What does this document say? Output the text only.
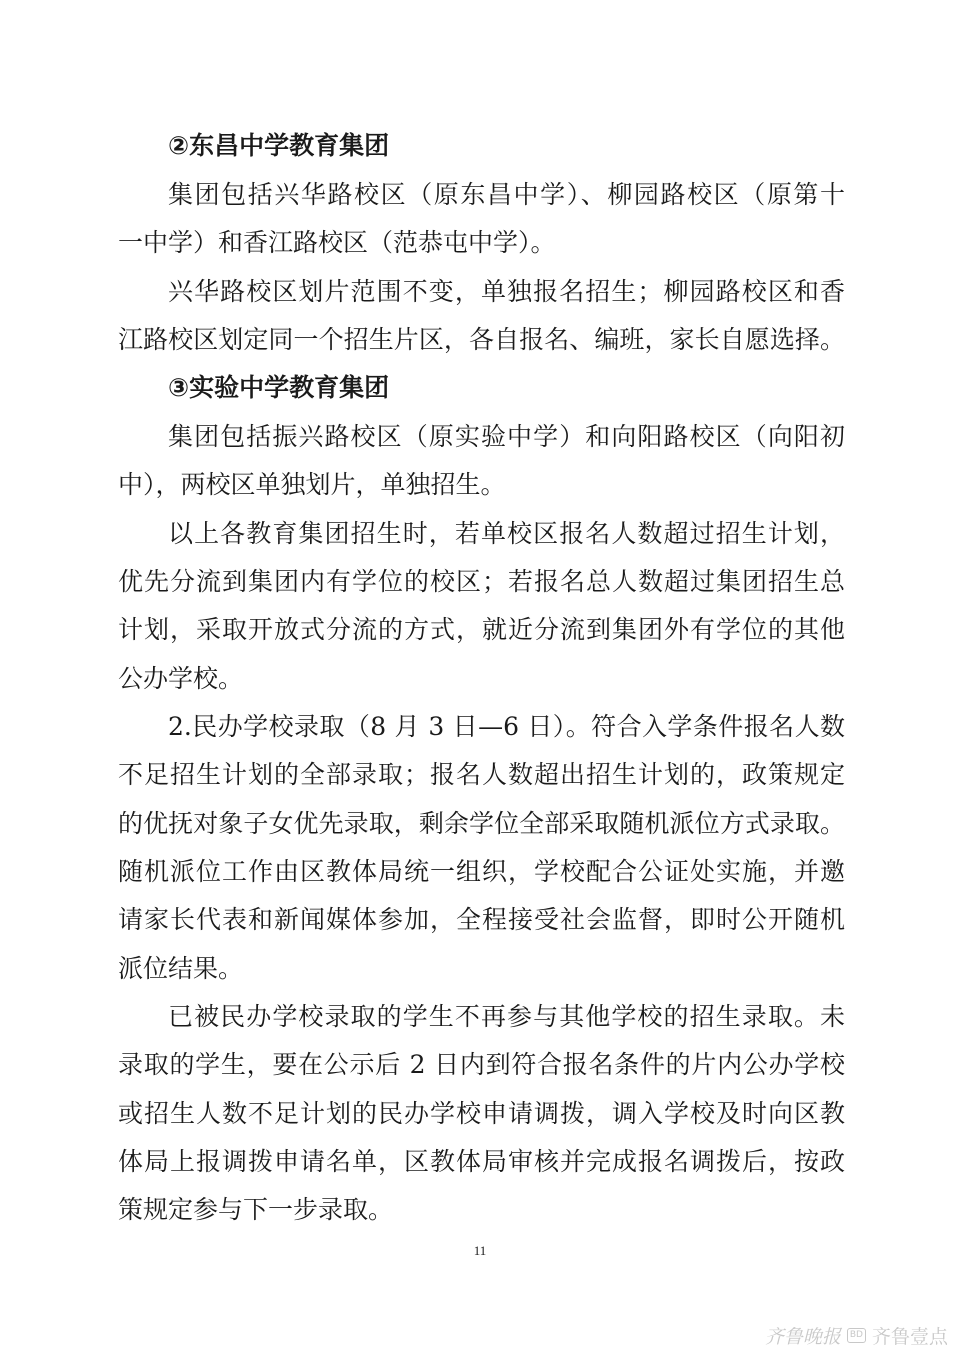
②东昌中学教育集团
集团包括兴华路校区（原东昌中学）、柳园路校区（原第十
一中学）和香江路校区（范恭屯中学）。
兴华路校区划片范围不变，单独报名招生；柳园路校区和香
江路校区划定同一个招生片区，各自报名、编班，家长自愿选择。
③实验中学教育集团
集团包括振兴路校区（原实验中学）和向阳路校区（向阳初
中），两校区单独划片，单独招生。
以上各教育集团招生时，若单校区报名人数超过招生计划，
优先分流到集团内有学位的校区；若报名总人数超过集团招生总
计划，采取开放式分流的方式，就近分流到集团外有学位的其他
公办学校。
2.民办学校录取（8 月 3 日—6 日）。符合入学条件报名人数
不足招生计划的全部录取；报名人数超出招生计划的，政策规定
的优抚对象子女优先录取，剩余学位全部采取随机派位方式录取。
随机派位工作由区教体局统一组织，学校配合公证处实施，并邀
请家长代表和新闻媒体参加，全程接受社会监督，即时公开随机
派位结果。
已被民办学校录取的学生不再参与其他学校的招生录取。未
录取的学生，要在公示后 2 日内到符合报名条件的片内公办学校
或招生人数不足计划的民办学校申请调拨，调入学校及时向区教
体局上报调拨申请名单，区教体局审核并完成报名调拨后，按政
策规定参与下一步录取。
11
齐鲁晚报	BD 齐鲁壹点
